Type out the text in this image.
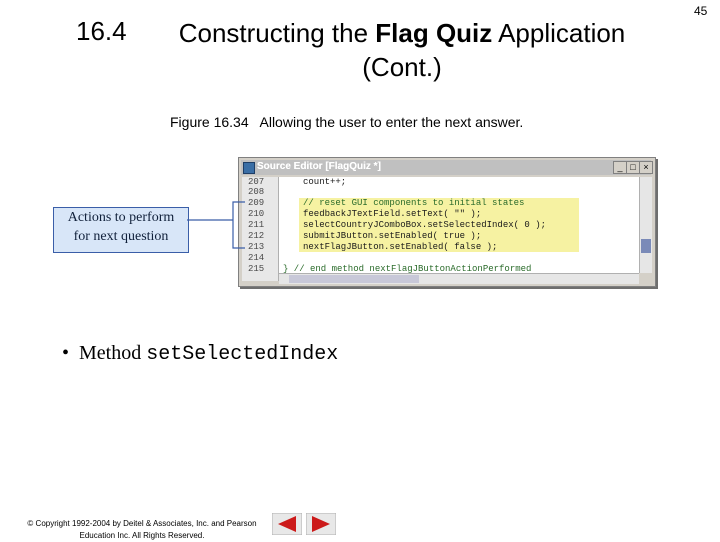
45
16.4	Constructing the Flag Quiz Application
(Cont.)
Figure 16.34   Allowing the user to enter the next answer.
Source Editor [FlagQuiz *]	_ □ ×
207
208
209
210
211
212
213
214
215
count++;
// reset GUI components to initial states
feedbackJTextField.setText( "" );
selectCountryJComboBox.setSelectedIndex( 0 );
submitJButton.setEnabled( true );
nextFlagJButton.setEnabled( false );
} // end method nextFlagJButtonActionPerformed
Actions to perform
for next question
•  Method setSelectedIndex
© Copyright 1992-2004 by Deitel & Associates, Inc. and Pearson
Education Inc. All Rights Reserved.
